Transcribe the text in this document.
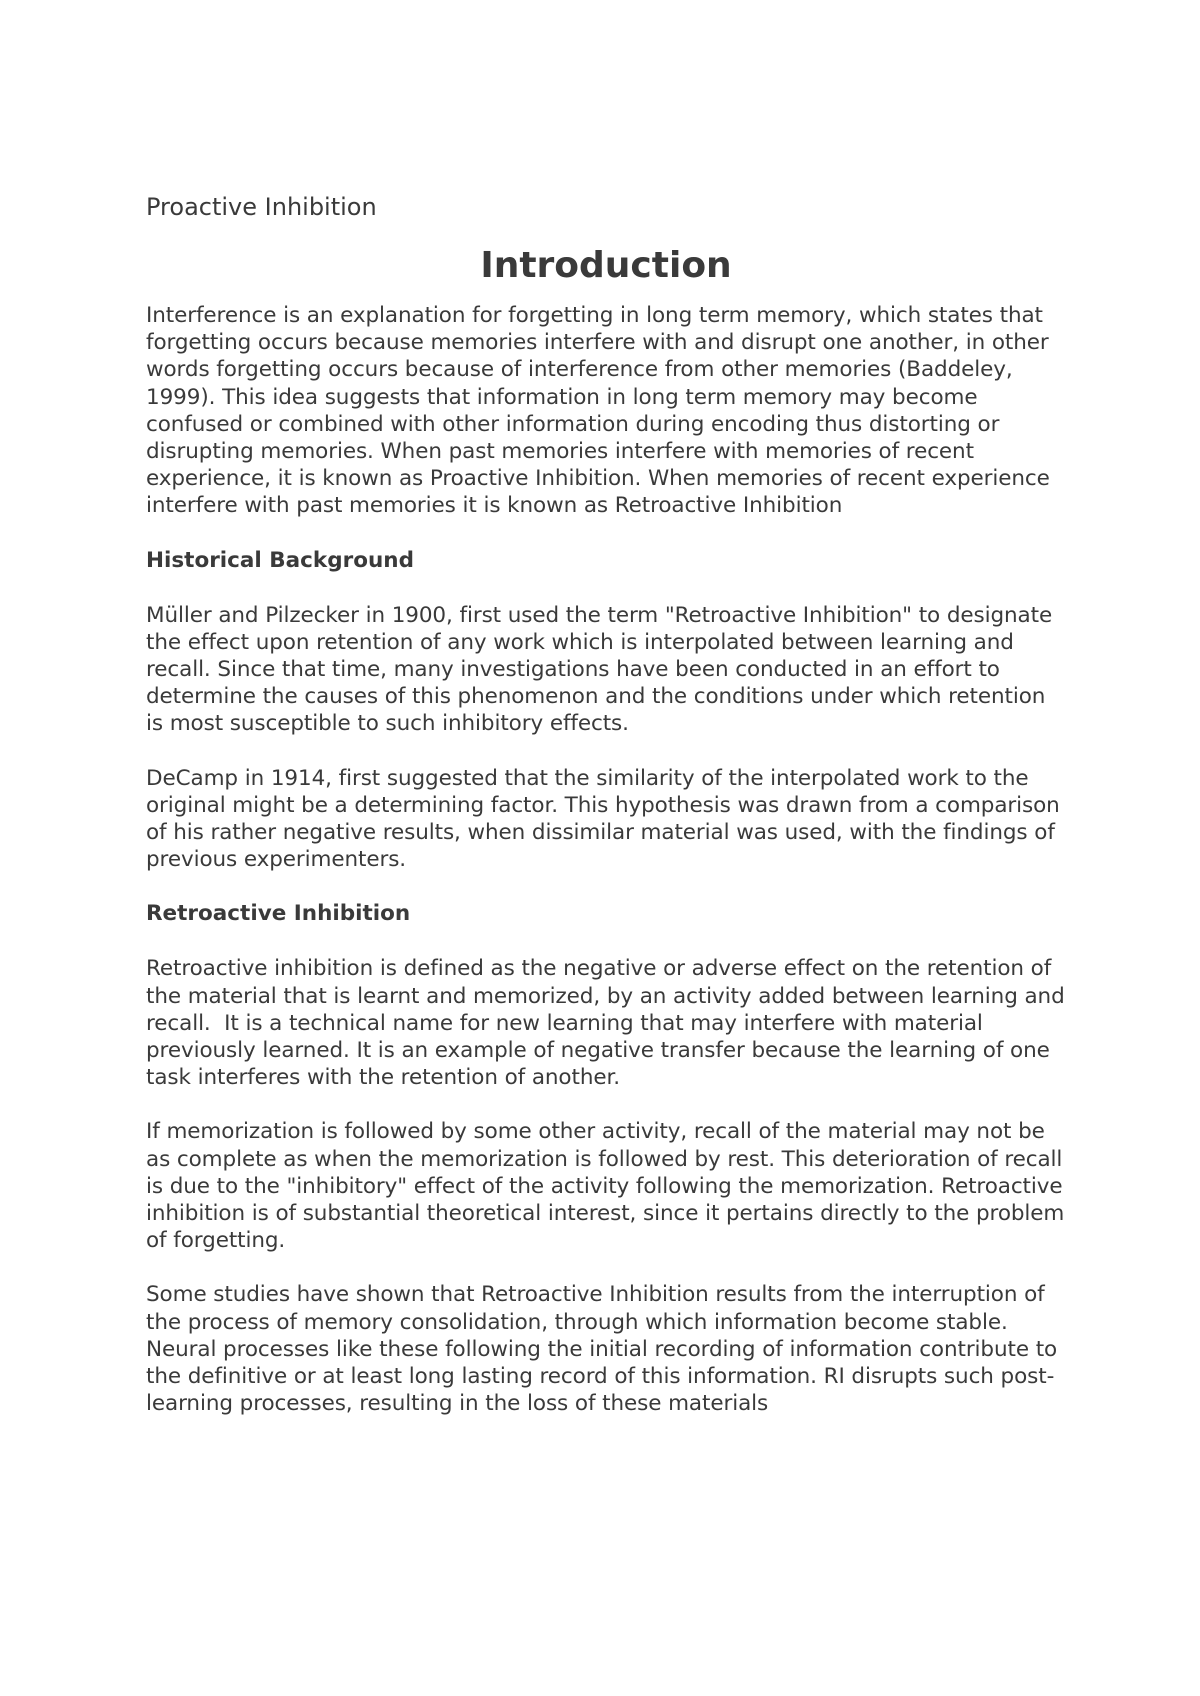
Proactive Inhibition

Introduction

Interference is an explanation for forgetting in long term memory, which states that forgetting occurs because memories interfere with and disrupt one another, in other words forgetting occurs because of interference from other memories (Baddeley, 1999). This idea suggests that information in long term memory may become confused or combined with other information during encoding thus distorting or disrupting memories. When past memories interfere with memories of recent experience, it is known as Proactive Inhibition. When memories of recent experience interfere with past memories it is known as Retroactive Inhibition

Historical Background

Müller and Pilzecker in 1900, first used the term "Retroactive Inhibition" to designate the effect upon retention of any work which is interpolated between learning and recall. Since that time, many investigations have been conducted in an effort to determine the causes of this phenomenon and the conditions under which retention is most susceptible to such inhibitory effects.

DeCamp in 1914, first suggested that the similarity of the interpolated work to the original might be a determining factor. This hypothesis was drawn from a comparison of his rather negative results, when dissimilar material was used, with the findings of previous experimenters.

Retroactive Inhibition

Retroactive inhibition is defined as the negative or adverse effect on the retention of the material that is learnt and memorized, by an activity added between learning and recall.  It is a technical name for new learning that may interfere with material previously learned. It is an example of negative transfer because the learning of one task interferes with the retention of another.

If memorization is followed by some other activity, recall of the material may not be as complete as when the memorization is followed by rest. This deterioration of recall is due to the "inhibitory" effect of the activity following the memorization. Retroactive inhibition is of substantial theoretical interest, since it pertains directly to the problem of forgetting.

Some studies have shown that Retroactive Inhibition results from the interruption of the process of memory consolidation, through which information become stable. Neural processes like these following the initial recording of information contribute to the definitive or at least long lasting record of this information. RI disrupts such post-learning processes, resulting in the loss of these materials
